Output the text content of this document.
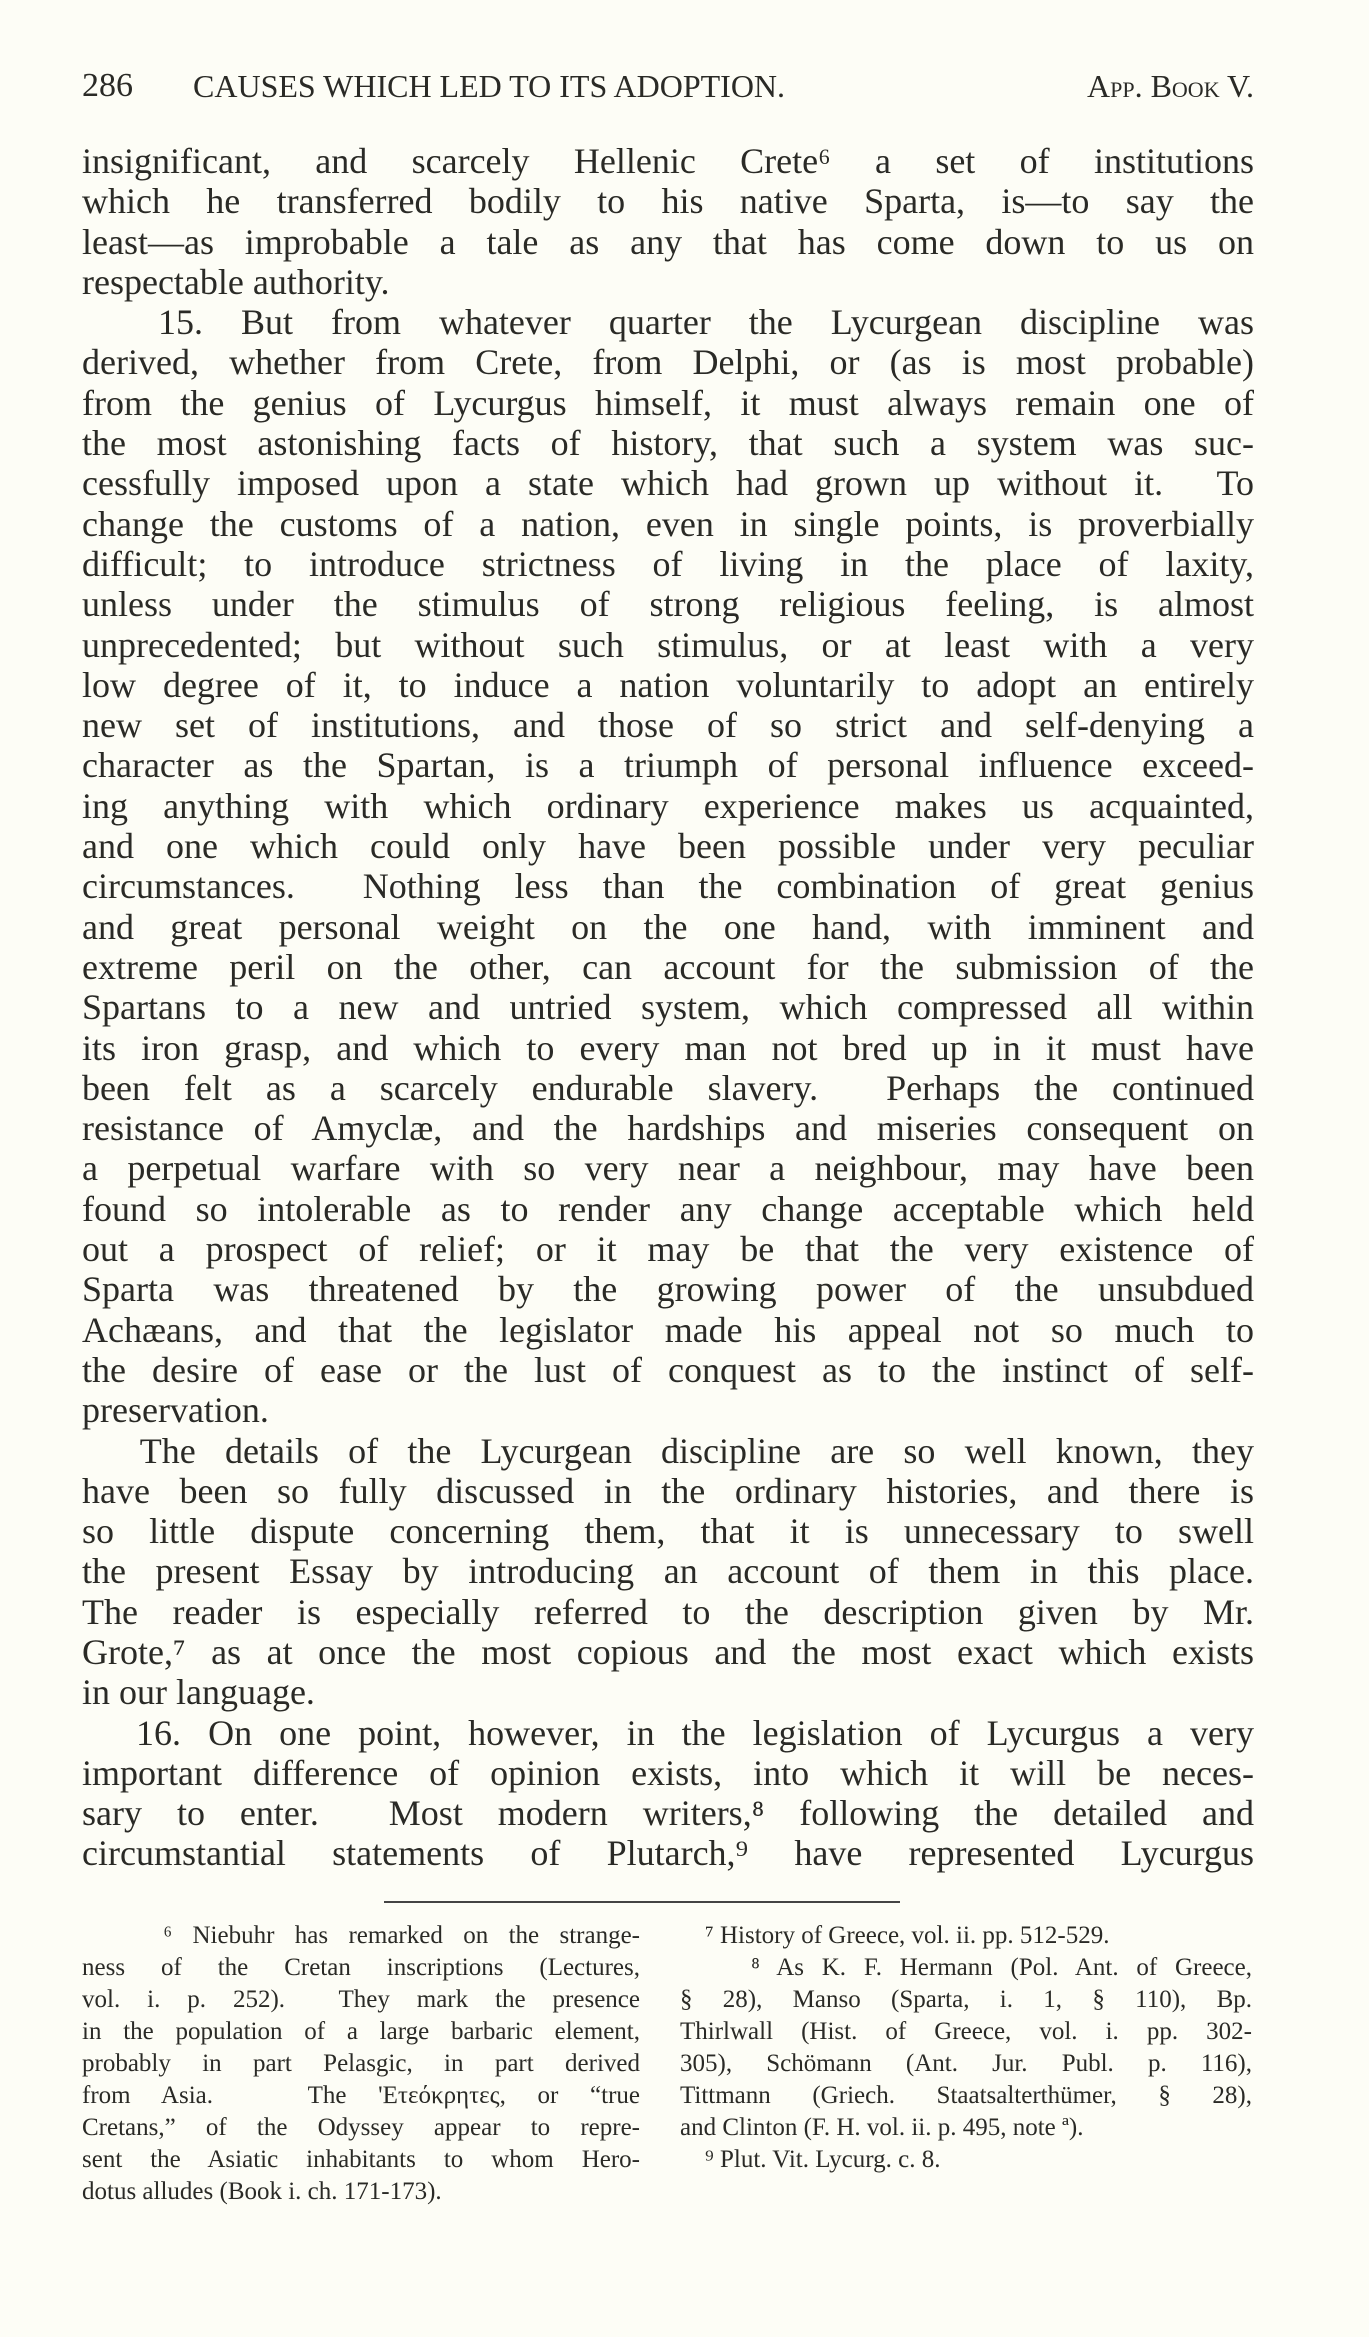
286 CAUSES WHICH LED TO ITS ADOPTION.	App. Book V.
insignificant, and scarcely Hellenic Crete⁶ a set of institutions
which he transferred bodily to his native Sparta, is—to say the
least—as improbable a tale as any that has come down to us on
respectable authority.
15. But from whatever quarter the Lycurgean discipline was
derived, whether from Crete, from Delphi, or (as is most probable)
from the genius of Lycurgus himself, it must always remain one of
the most astonishing facts of history, that such a system was suc-
cessfully imposed upon a state which had grown up without it.  To
change the customs of a nation, even in single points, is proverbially
difficult; to introduce strictness of living in the place of laxity,
unless under the stimulus of strong religious feeling, is almost
unprecedented; but without such stimulus, or at least with a very
low degree of it, to induce a nation voluntarily to adopt an entirely
new set of institutions, and those of so strict and self-denying a
character as the Spartan, is a triumph of personal influence exceed-
ing anything with which ordinary experience makes us acquainted,
and one which could only have been possible under very peculiar
circumstances.  Nothing less than the combination of great genius
and great personal weight on the one hand, with imminent and
extreme peril on the other, can account for the submission of the
Spartans to a new and untried system, which compressed all within
its iron grasp, and which to every man not bred up in it must have
been felt as a scarcely endurable slavery.  Perhaps the continued
resistance of Amyclæ, and the hardships and miseries consequent on
a perpetual warfare with so very near a neighbour, may have been
found so intolerable as to render any change acceptable which held
out a prospect of relief; or it may be that the very existence of
Sparta was threatened by the growing power of the unsubdued
Achæans, and that the legislator made his appeal not so much to
the desire of ease or the lust of conquest as to the instinct of self-
preservation.
The details of the Lycurgean discipline are so well known, they
have been so fully discussed in the ordinary histories, and there is
so little dispute concerning them, that it is unnecessary to swell
the present Essay by introducing an account of them in this place.
The reader is especially referred to the description given by Mr.
Grote,⁷ as at once the most copious and the most exact which exists
in our language.
16. On one point, however, in the legislation of Lycurgus a very
important difference of opinion exists, into which it will be neces-
sary to enter.  Most modern writers,⁸ following the detailed and
circumstantial statements of Plutarch,⁹ have represented Lycurgus
⁶ Niebuhr has remarked on the strange-
ness of the Cretan inscriptions (Lectures,
vol. i. p. 252).  They mark the presence
in the population of a large barbaric element,
probably in part Pelasgic, in part derived
from Asia.   The 'Ετεόκρητες, or “true
Cretans,” of the Odyssey appear to repre-
sent the Asiatic inhabitants to whom Hero-
dotus alludes (Book i. ch. 171-173).
⁷ History of Greece, vol. ii. pp. 512-529.
⁸ As K. F. Hermann (Pol. Ant. of Greece,
§ 28), Manso (Sparta, i. 1, § 110), Bp.
Thirlwall (Hist. of Greece, vol. i. pp. 302-
305), Schömann (Ant. Jur. Publ. p. 116),
Tittmann (Griech. Staatsalterthümer, § 28),
and Clinton (F. H. vol. ii. p. 495, note ª).
⁹ Plut. Vit. Lycurg. c. 8.
